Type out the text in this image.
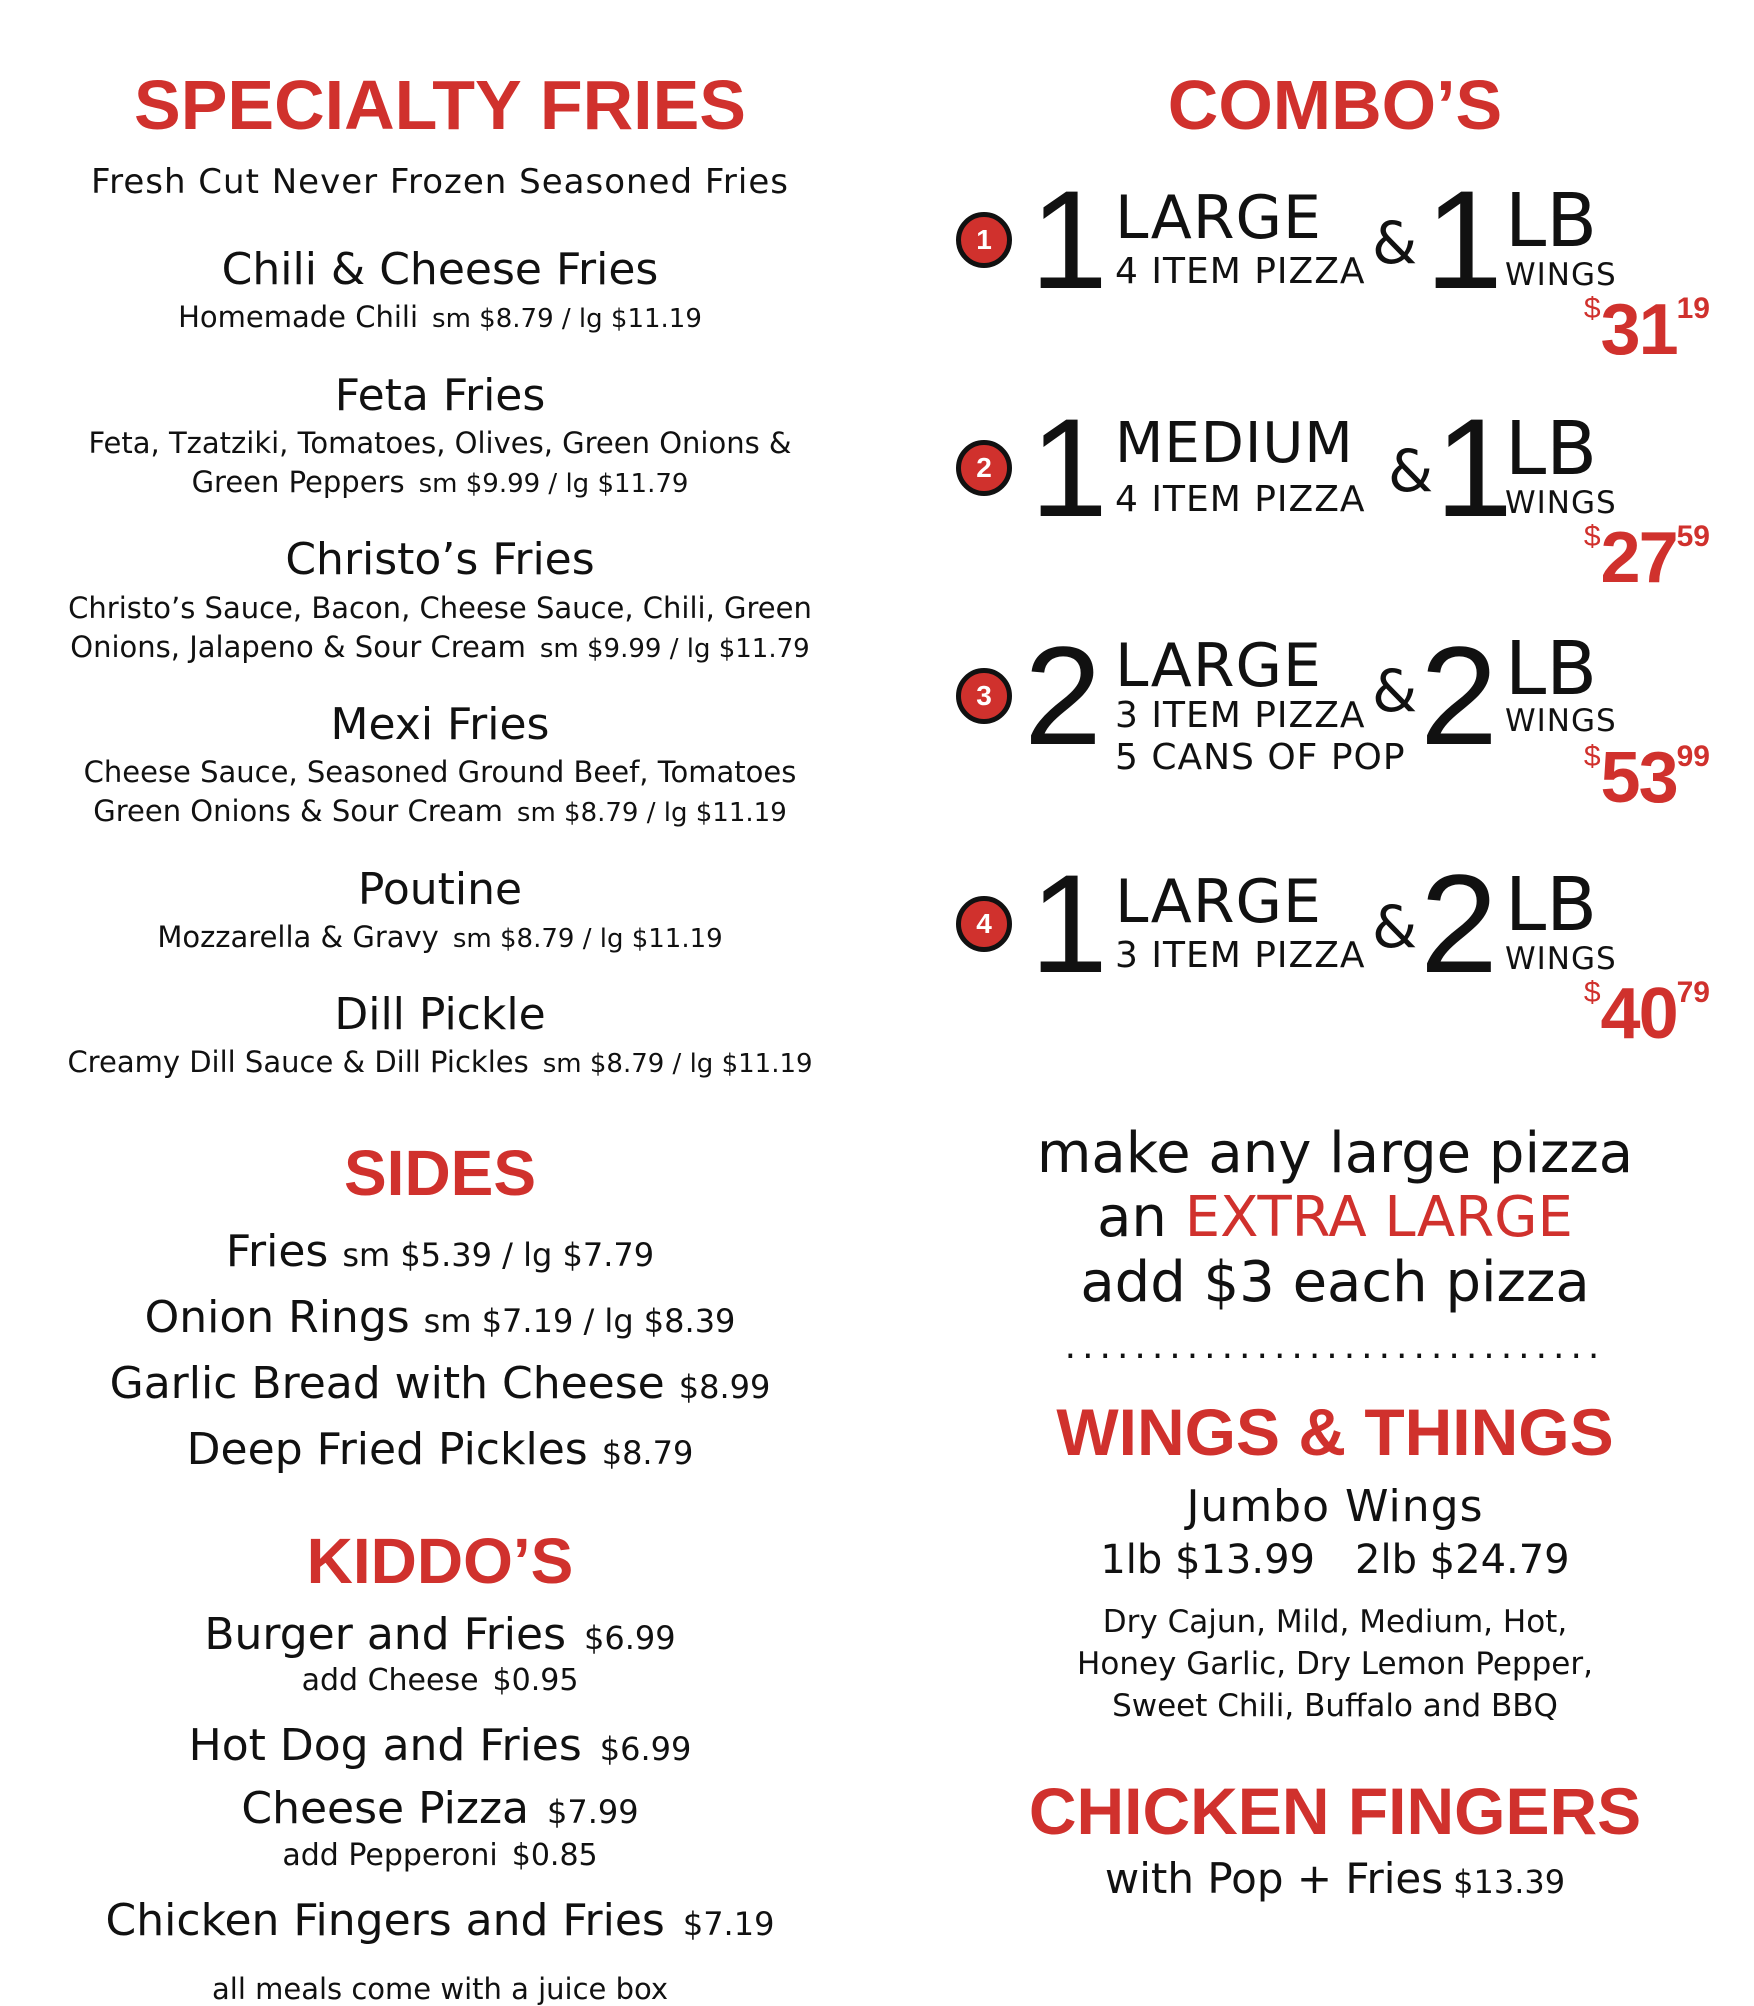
SPECIALTY FRIES
Fresh Cut Never Frozen Seasoned Fries
Chili & Cheese Fries
Homemade Chili sm $8.79 / lg $11.19
Feta Fries
Feta, Tzatziki, Tomatoes, Olives, Green Onions &
Green Peppers sm $9.99 / lg $11.79
Christo’s Fries
Christo’s Sauce, Bacon, Cheese Sauce, Chili, Green
Onions, Jalapeno & Sour Cream sm $9.99 / lg $11.79
Mexi Fries
Cheese Sauce, Seasoned Ground Beef, Tomatoes
Green Onions & Sour Cream sm $8.79 / lg $11.19
Poutine
Mozzarella & Gravy sm $8.79 / lg $11.19
Dill Pickle
Creamy Dill Sauce & Dill Pickles sm $8.79 / lg $11.19
SIDES
Fries sm $5.39 / lg $7.79
Onion Rings sm $7.19 / lg $8.39
Garlic Bread with Cheese $8.99
Deep Fried Pickles $8.79
KIDDO’S
Burger and Fries $6.99
add Cheese $0.95
Hot Dog and Fries $6.99
Cheese Pizza $7.99
add Pepperoni $0.85
Chicken Fingers and Fries $7.19
all meals come with a juice box
COMBO’S
1 1 LARGE
4 ITEM PIZZA & 1 LB
WINGS
$3119
2 1 MEDIUM
4 ITEM PIZZA & 1
LB
WINGS
$2759
3 2 LARGE
3 ITEM PIZZA
5 CANS OF POP
& 2 LB
WINGS
$5399
4 1 LARGE
3 ITEM PIZZA & 2 LB
WINGS
$4079
make any large pizza
an EXTRA LARGE
add $3 each pizza
...............................
WINGS & THINGS
Jumbo Wings
1lb $13.99 2lb $24.79
Dry Cajun, Mild, Medium, Hot,
Honey Garlic, Dry Lemon Pepper,
Sweet Chili, Buffalo and BBQ
CHICKEN FINGERS
with Pop + Fries $13.39
